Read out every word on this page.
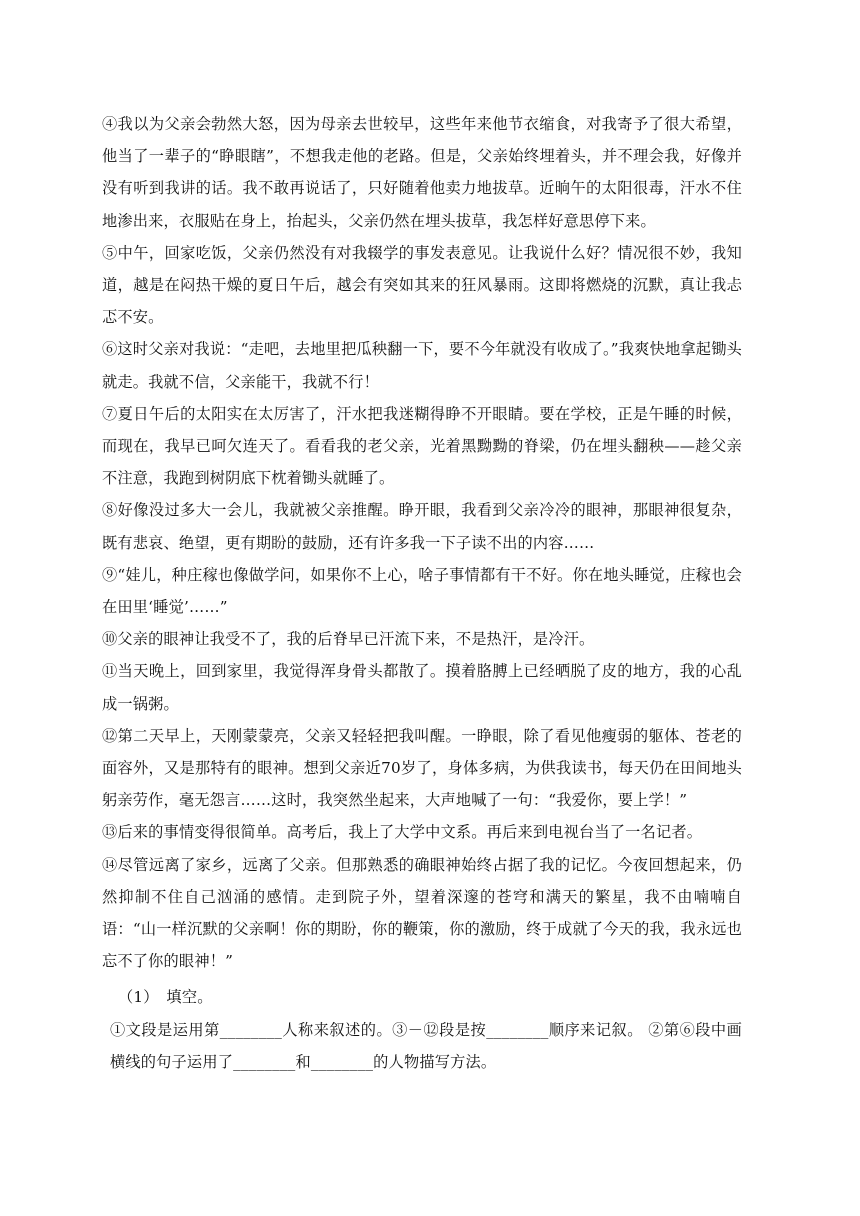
④我以为父亲会勃然大怒，因为母亲去世较早，这些年来他节衣缩食，对我寄予了很大希望，他当了一辈子的“睁眼瞎”，不想我走他的老路。但是，父亲始终埋着头，并不理会我，好像并没有听到我讲的话。我不敢再说话了，只好随着他卖力地拔草。近晌午的太阳很毒，汗水不住地渗出来，衣服贴在身上，抬起头，父亲仍然在埋头拔草，我怎样好意思停下来。

⑤中午，回家吃饭，父亲仍然没有对我辍学的事发表意见。让我说什么好？情况很不妙，我知道，越是在闷热干燥的夏日午后，越会有突如其来的狂风暴雨。这即将燃烧的沉默，真让我忐忑不安。

⑥这时父亲对我说：“走吧，去地里把瓜秧翻一下，要不今年就没有收成了。”我爽快地拿起锄头就走。我就不信，父亲能干，我就不行！

⑦夏日午后的太阳实在太厉害了，汗水把我迷糊得睁不开眼睛。要在学校，正是午睡的时候，而现在，我早已呵欠连天了。看看我的老父亲，光着黑黝黝的脊梁，仍在埋头翻秧——趁父亲不注意，我跑到树阴底下枕着锄头就睡了。

⑧好像没过多大一会儿，我就被父亲推醒。睁开眼，我看到父亲冷冷的眼神，那眼神很复杂，既有悲哀、绝望，更有期盼的鼓励，还有许多我一下子读不出的内容……

⑨“娃儿，种庄稼也像做学问，如果你不上心，啥子事情都有干不好。你在地头睡觉，庄稼也会在田里‘睡觉’……”

⑩父亲的眼神让我受不了，我的后脊早已汗流下来，不是热汗，是冷汗。

⑪当天晚上，回到家里，我觉得浑身骨头都散了。摸着胳膊上已经晒脱了皮的地方，我的心乱成一锅粥。

⑫第二天早上，天刚蒙蒙亮，父亲又轻轻把我叫醒。一睁眼，除了看见他瘦弱的躯体、苍老的面容外，又是那特有的眼神。想到父亲近70岁了，身体多病，为供我读书，每天仍在田间地头躬亲劳作，毫无怨言……这时，我突然坐起来，大声地喊了一句：“我爱你，要上学！”

⑬后来的事情变得很简单。高考后，我上了大学中文系。再后来到电视台当了一名记者。

⑭尽管远离了家乡，远离了父亲。但那熟悉的确眼神始终占据了我的记忆。今夜回想起来，仍然抑制不住自己汹涌的感情。走到院子外，望着深邃的苍穹和满天的繁星，我不由喃喃自语：“山一样沉默的父亲啊！你的期盼，你的鞭策，你的激励，终于成就了今天的我，我永远也忘不了你的眼神！”

（1）　填空。

①文段是运用第________人称来叙述的。③－⑫段是按________顺序来记叙。 ②第⑥段中画横线的句子运用了________和________的人物描写方法。
